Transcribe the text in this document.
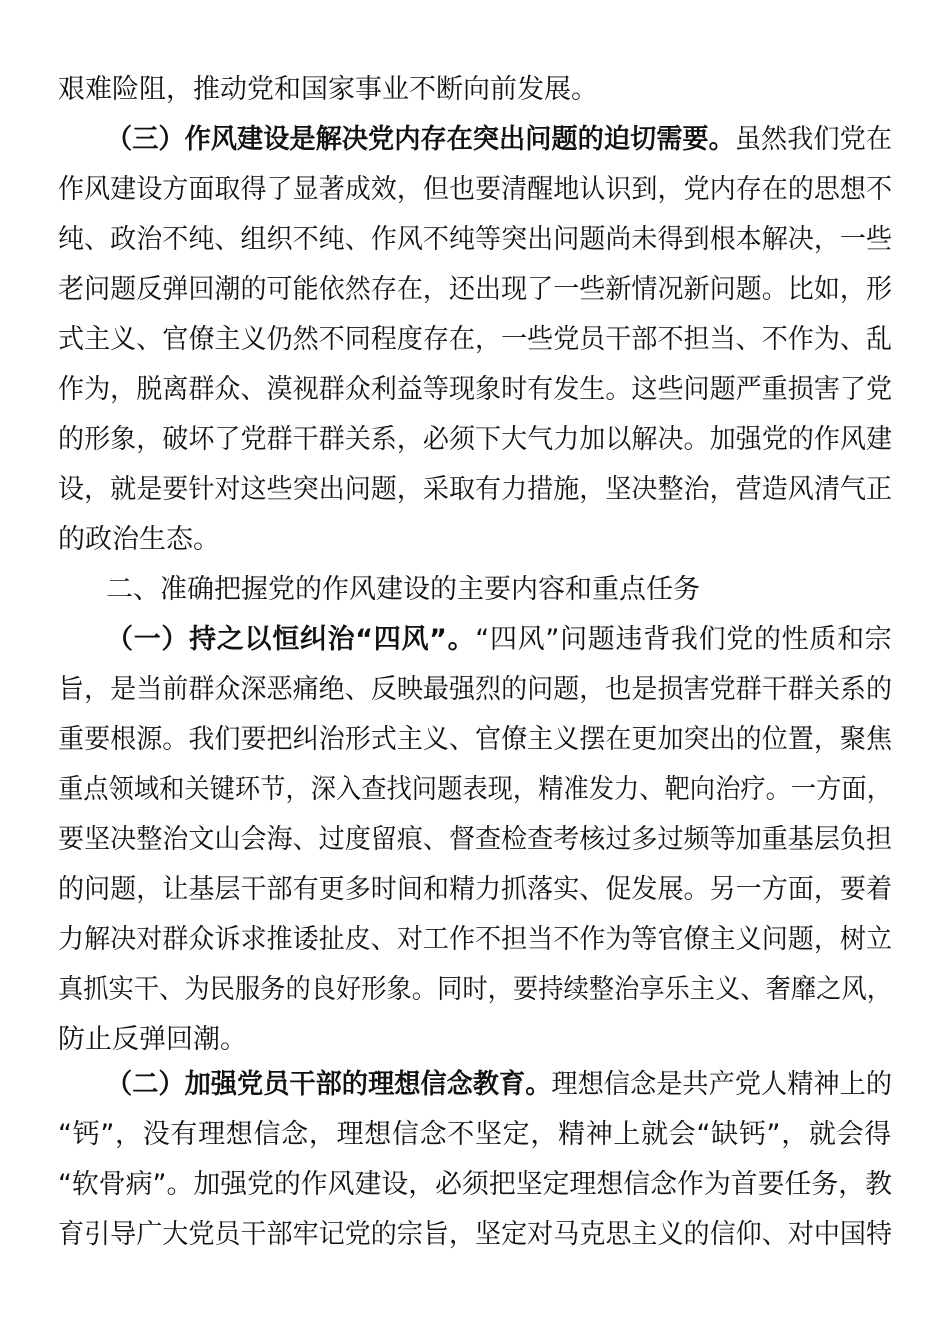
艰难险阻，推动党和国家事业不断向前发展。
（三）作风建设是解决党内存在突出问题的迫切需要。虽然我们党在
作风建设方面取得了显著成效，但也要清醒地认识到，党内存在的思想不
纯、政治不纯、组织不纯、作风不纯等突出问题尚未得到根本解决，一些
老问题反弹回潮的可能依然存在，还出现了一些新情况新问题。比如，形
式主义、官僚主义仍然不同程度存在，一些党员干部不担当、不作为、乱
作为，脱离群众、漠视群众利益等现象时有发生。这些问题严重损害了党
的形象，破坏了党群干群关系，必须下大气力加以解决。加强党的作风建
设，就是要针对这些突出问题，采取有力措施，坚决整治，营造风清气正
的政治生态。
二、准确把握党的作风建设的主要内容和重点任务
（一）持之以恒纠治“四风”。“四风”问题违背我们党的性质和宗
旨，是当前群众深恶痛绝、反映最强烈的问题，也是损害党群干群关系的
重要根源。我们要把纠治形式主义、官僚主义摆在更加突出的位置，聚焦
重点领域和关键环节，深入查找问题表现，精准发力、靶向治疗。一方面，
要坚决整治文山会海、过度留痕、督查检查考核过多过频等加重基层负担
的问题，让基层干部有更多时间和精力抓落实、促发展。另一方面，要着
力解决对群众诉求推诿扯皮、对工作不担当不作为等官僚主义问题，树立
真抓实干、为民服务的良好形象。同时，要持续整治享乐主义、奢靡之风，
防止反弹回潮。
（二）加强党员干部的理想信念教育。理想信念是共产党人精神上的
“钙”，没有理想信念，理想信念不坚定，精神上就会“缺钙”，就会得
“软骨病”。加强党的作风建设，必须把坚定理想信念作为首要任务，教
育引导广大党员干部牢记党的宗旨，坚定对马克思主义的信仰、对中国特
